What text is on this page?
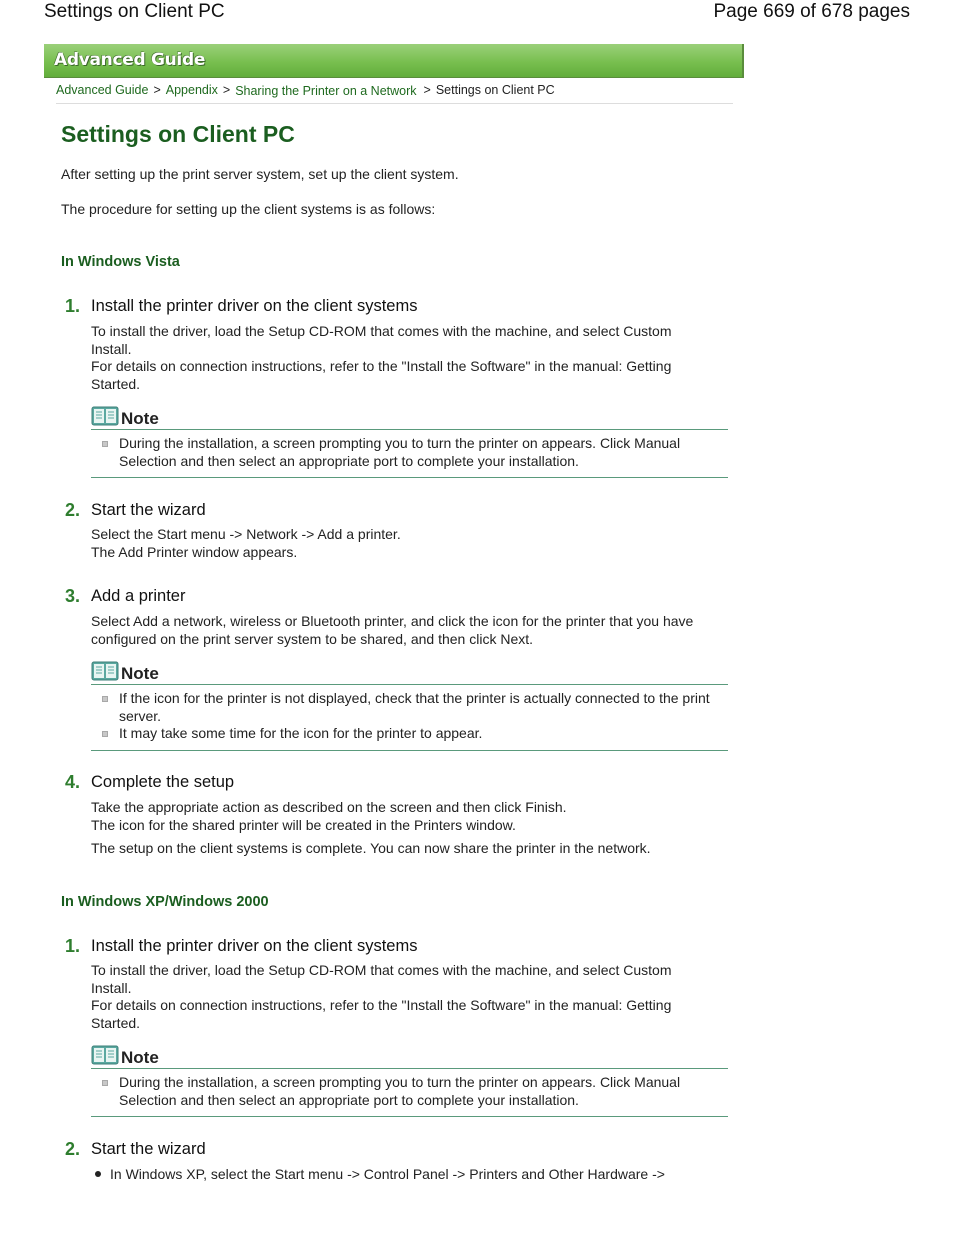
Settings on Client PC	Page 669 of 678 pages
Advanced Guide
Advanced Guide > Appendix > Sharing the Printer on a Network > Settings on Client PC
Settings on Client PC
After setting up the print server system, set up the client system.
The procedure for setting up the client systems is as follows:
In Windows Vista
1. Install the printer driver on the client systems
To install the driver, load the Setup CD-ROM that comes with the machine, and select Custom Install.
For details on connection instructions, refer to the "Install the Software" in the manual: Getting Started.
Note
During the installation, a screen prompting you to turn the printer on appears. Click Manual Selection and then select an appropriate port to complete your installation.
2. Start the wizard
Select the Start menu -> Network -> Add a printer.
The Add Printer window appears.
3. Add a printer
Select Add a network, wireless or Bluetooth printer, and click the icon for the printer that you have configured on the print server system to be shared, and then click Next.
Note
If the icon for the printer is not displayed, check that the printer is actually connected to the print server.
It may take some time for the icon for the printer to appear.
4. Complete the setup
Take the appropriate action as described on the screen and then click Finish.
The icon for the shared printer will be created in the Printers window.
The setup on the client systems is complete. You can now share the printer in the network.
In Windows XP/Windows 2000
1. Install the printer driver on the client systems
To install the driver, load the Setup CD-ROM that comes with the machine, and select Custom Install.
For details on connection instructions, refer to the "Install the Software" in the manual: Getting Started.
Note
During the installation, a screen prompting you to turn the printer on appears. Click Manual Selection and then select an appropriate port to complete your installation.
2. Start the wizard
In Windows XP, select the Start menu -> Control Panel -> Printers and Other Hardware ->
